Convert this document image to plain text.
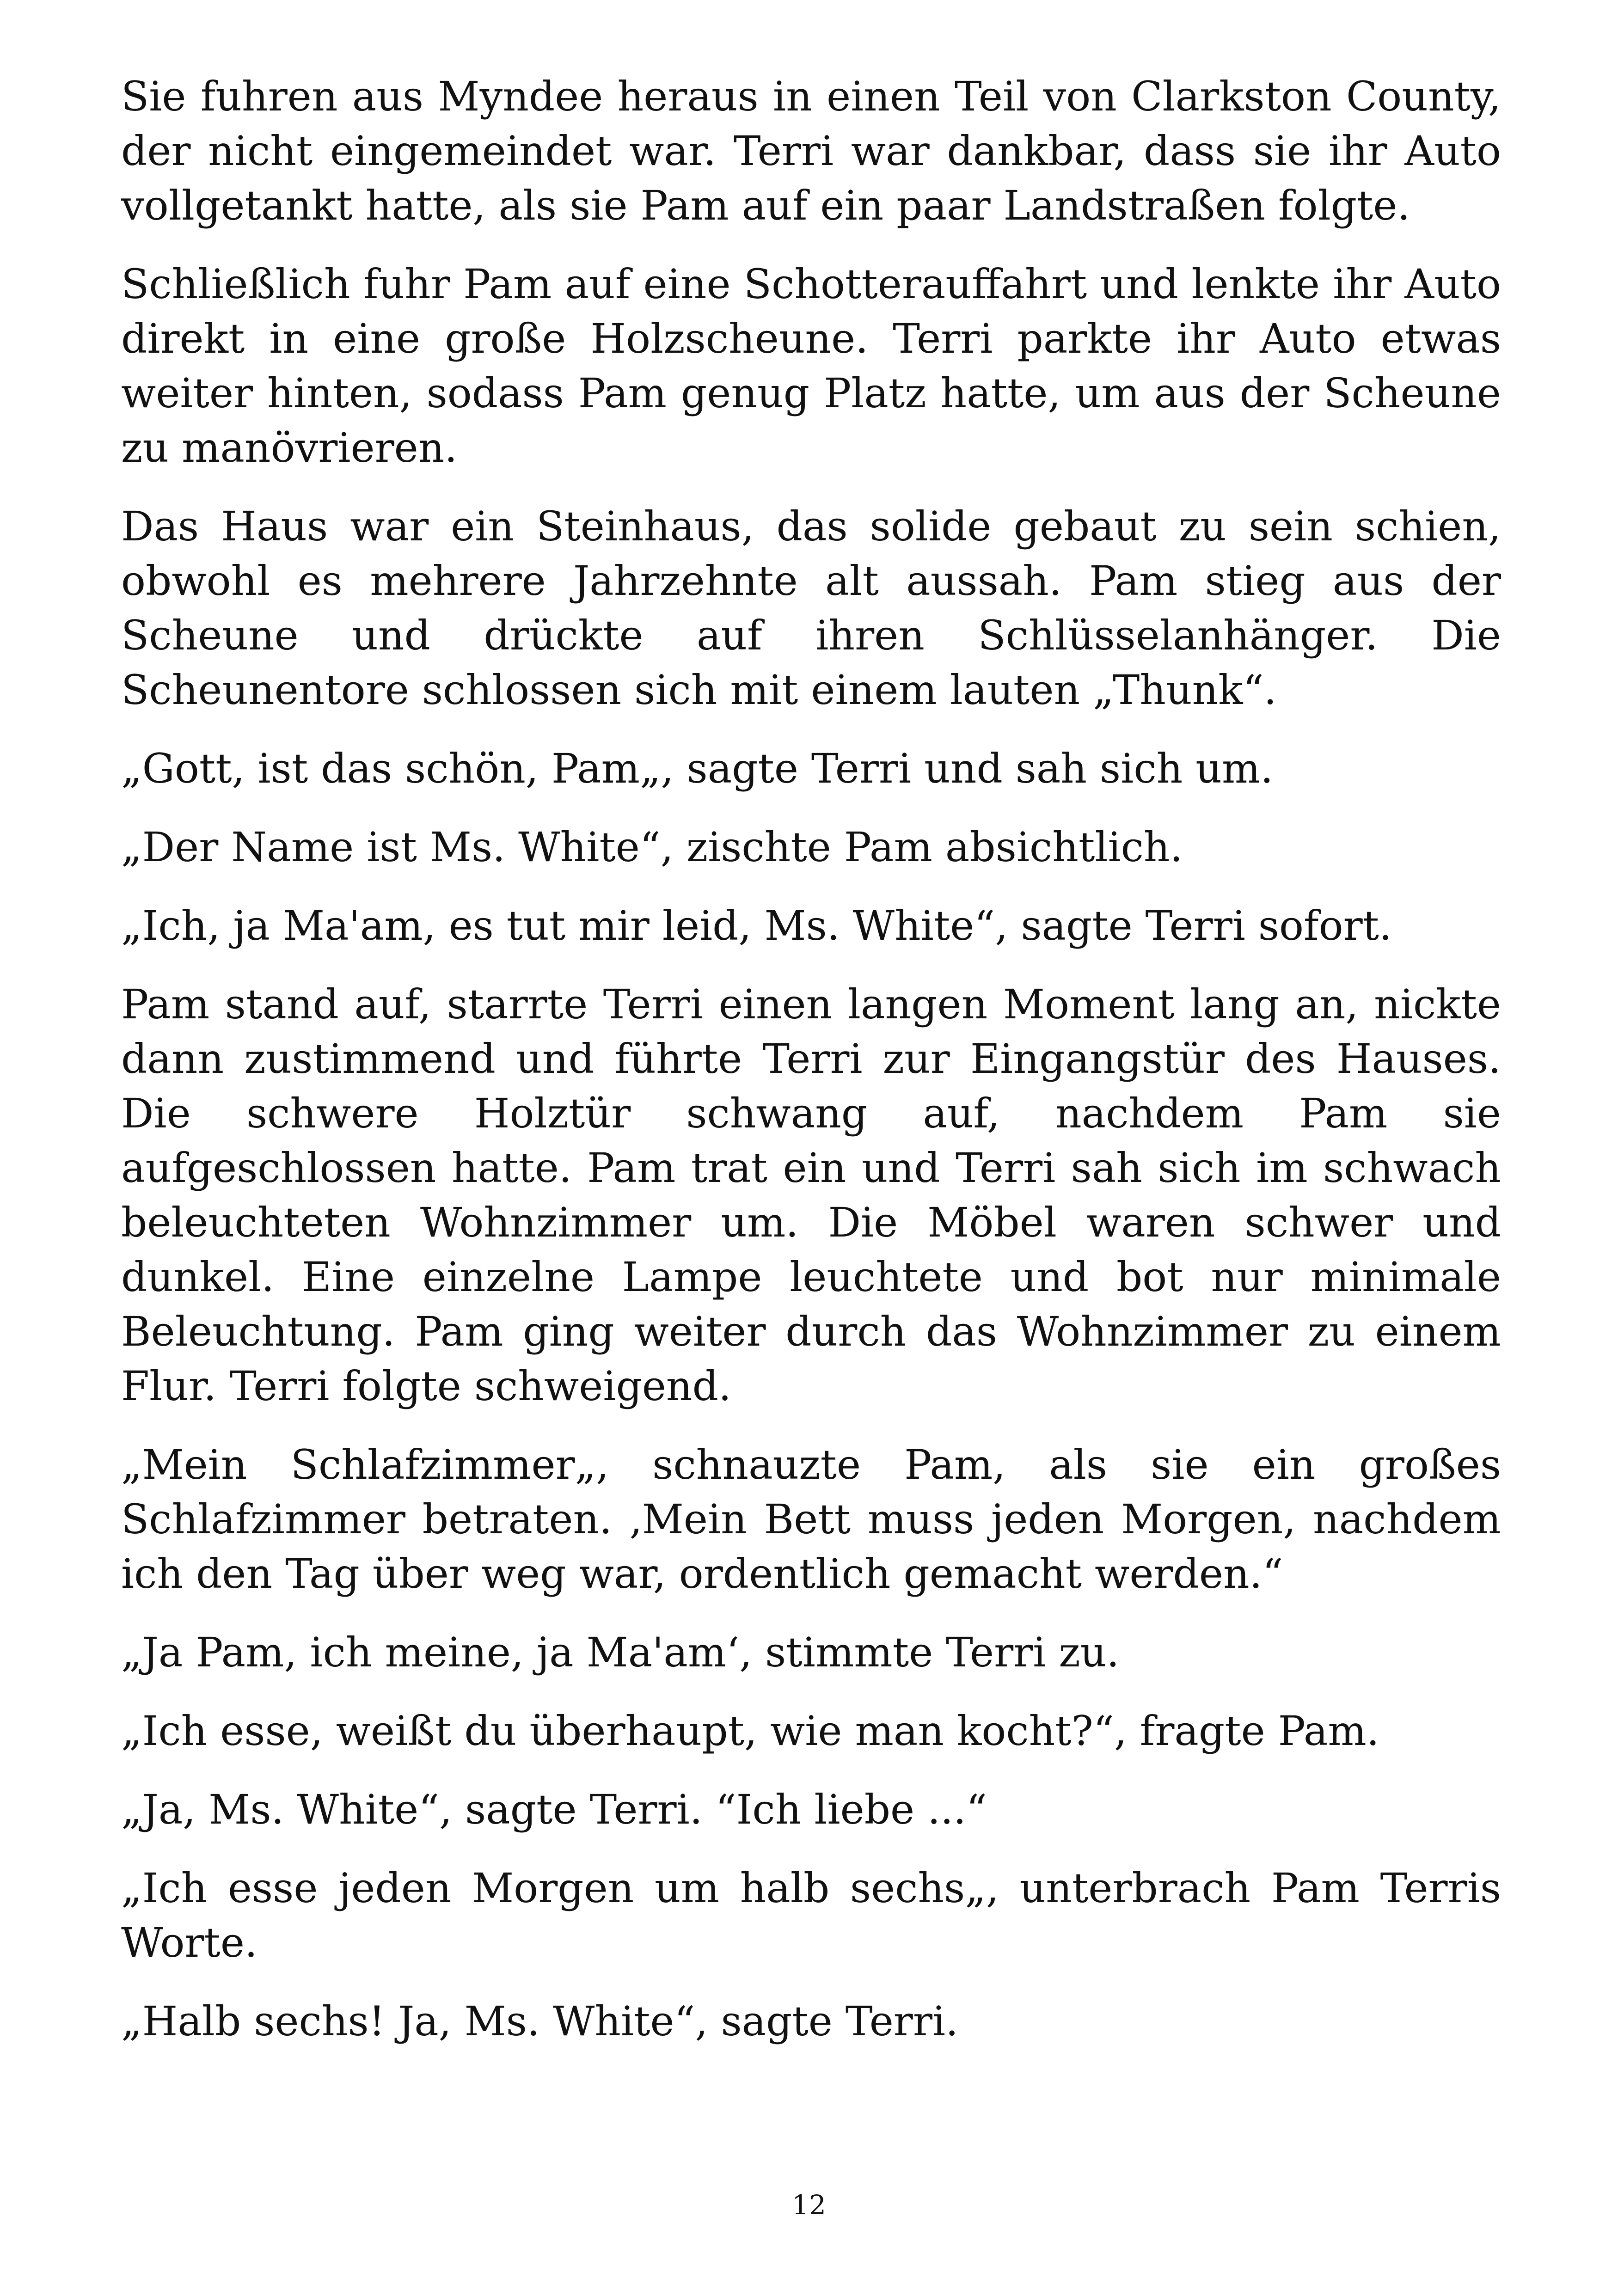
Sie fuhren aus Myndee heraus in einen Teil von Clarkston County, der nicht eingemeindet war. Terri war dankbar, dass sie ihr Auto vollgetankt hatte, als sie Pam auf ein paar Landstraßen folgte.

Schließlich fuhr Pam auf eine Schotterauffahrt und lenkte ihr Auto direkt in eine große Holzscheune. Terri parkte ihr Auto etwas weiter hinten, sodass Pam genug Platz hatte, um aus der Scheune zu manövrieren.

Das Haus war ein Steinhaus, das solide gebaut zu sein schien, obwohl es mehrere Jahrzehnte alt aussah. Pam stieg aus der Scheune und drückte auf ihren Schlüsselanhänger. Die Scheunentore schlossen sich mit einem lauten „Thunk“.

„Gott, ist das schön, Pam„, sagte Terri und sah sich um.

„Der Name ist Ms. White“, zischte Pam absichtlich.

„Ich, ja Ma'am, es tut mir leid, Ms. White“, sagte Terri sofort.

Pam stand auf, starrte Terri einen langen Moment lang an, nickte dann zustimmend und führte Terri zur Eingangstür des Hauses. Die schwere Holztür schwang auf, nachdem Pam sie aufgeschlossen hatte. Pam trat ein und Terri sah sich im schwach beleuchteten Wohnzimmer um. Die Möbel waren schwer und dunkel. Eine einzelne Lampe leuchtete und bot nur minimale Beleuchtung. Pam ging weiter durch das Wohnzimmer zu einem Flur. Terri folgte schweigend.

„Mein Schlafzimmer„, schnauzte Pam, als sie ein großes Schlafzimmer betraten. ‚Mein Bett muss jeden Morgen, nachdem ich den Tag über weg war, ordentlich gemacht werden.“

„Ja Pam, ich meine, ja Ma'am‘, stimmte Terri zu.

„Ich esse, weißt du überhaupt, wie man kocht?“, fragte Pam.

„Ja, Ms. White“, sagte Terri. “Ich liebe ...“

„Ich esse jeden Morgen um halb sechs„, unterbrach Pam Terris Worte.

„Halb sechs! Ja, Ms. White“, sagte Terri.

12
